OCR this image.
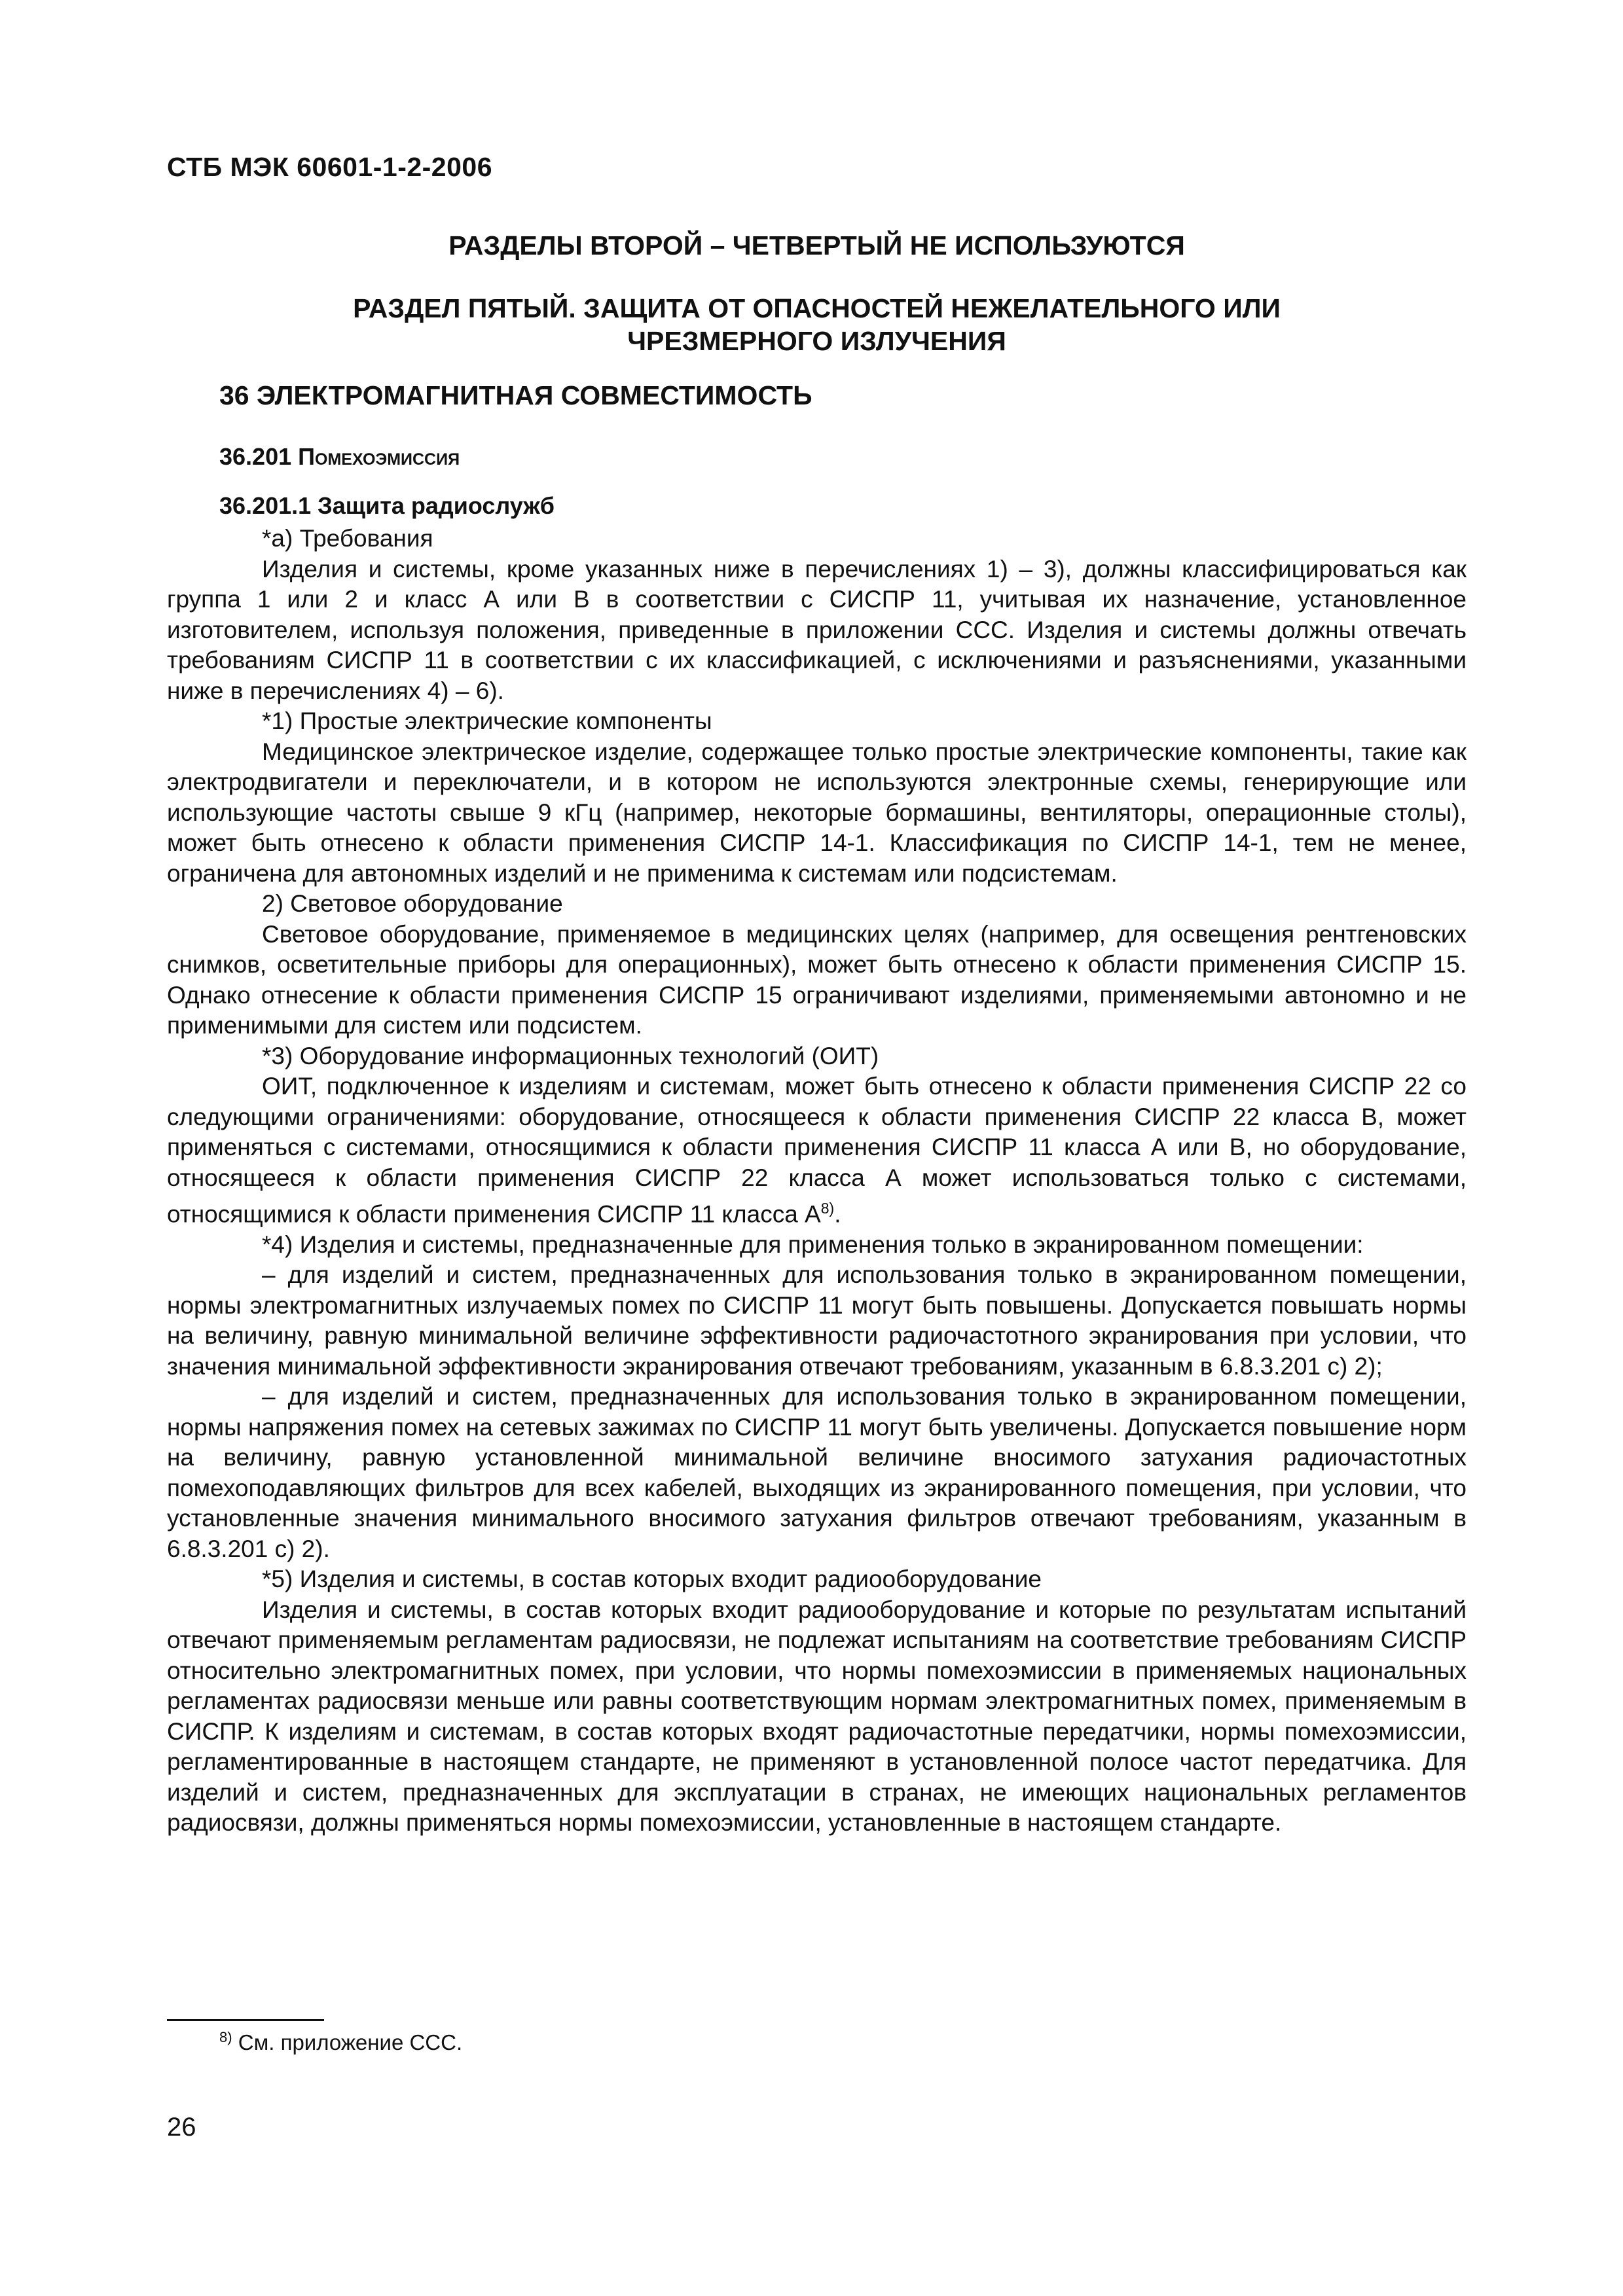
СТБ МЭК 60601-1-2-2006
РАЗДЕЛЫ ВТОРОЙ – ЧЕТВЕРТЫЙ НЕ ИСПОЛЬЗУЮТСЯ
РАЗДЕЛ ПЯТЫЙ. ЗАЩИТА ОТ ОПАСНОСТЕЙ НЕЖЕЛАТЕЛЬНОГО ИЛИ ЧРЕЗМЕРНОГО ИЗЛУЧЕНИЯ
36 ЭЛЕКТРОМАГНИТНАЯ СОВМЕСТИМОСТЬ
36.201 Помехоэмиссия
36.201.1 Защита радиослужб

*а) Требования

Изделия и системы, кроме указанных ниже в перечислениях 1) – 3), должны классифицироваться как группа 1 или 2 и класс А или В в соответствии с СИСПР 11, учитывая их назначение, установленное изготовителем, используя положения, приведенные в приложении ССС. Изделия и системы должны отвечать требованиям СИСПР 11 в соответствии с их классификацией, с исключениями и разъяснениями, указанными ниже в перечислениях 4) – 6).

*1) Простые электрические компоненты

Медицинское электрическое изделие, содержащее только простые электрические компоненты, такие как электродвигатели и переключатели, и в котором не используются электронные схемы, генерирующие или использующие частоты свыше 9 кГц (например, некоторые бормашины, вентиляторы, операционные столы), может быть отнесено к области применения СИСПР 14-1. Классификация по СИСПР 14-1, тем не менее, ограничена для автономных изделий и не применима к системам или подсистемам.

2) Световое оборудование

Световое оборудование, применяемое в медицинских целях (например, для освещения рентгеновских снимков, осветительные приборы для операционных), может быть отнесено к области применения СИСПР 15. Однако отнесение к области применения СИСПР 15 ограничивают изделиями, применяемыми автономно и не применимыми для систем или подсистем.

*3) Оборудование информационных технологий (ОИТ)

ОИТ, подключенное к изделиям и системам, может быть отнесено к области применения СИСПР 22 со следующими ограничениями: оборудование, относящееся к области применения СИСПР 22 класса В, может применяться с системами, относящимися к области применения СИСПР 11 класса А или В, но оборудование, относящееся к области применения СИСПР 22 класса А может использоваться только с системами, относящимися к области применения СИСПР 11 класса А$^{8)}$.

*4) Изделия и системы, предназначенные для применения только в экранированном помещении:

– для изделий и систем, предназначенных для использования только в экранированном помещении, нормы электромагнитных излучаемых помех по СИСПР 11 могут быть повышены. Допускается повышать нормы на величину, равную минимальной величине эффективности радиочастотного экранирования при условии, что значения минимальной эффективности экранирования отвечают требованиям, указанным в 6.8.3.201 с) 2);

– для изделий и систем, предназначенных для использования только в экранированном помещении, нормы напряжения помех на сетевых зажимах по СИСПР 11 могут быть увеличены. Допускается повышение норм на величину, равную установленной минимальной величине вносимого затухания радиочастотных помехоподавляющих фильтров для всех кабелей, выходящих из экранированного помещения, при условии, что установленные значения минимального вносимого затухания фильтров отвечают требованиям, указанным в 6.8.3.201 с) 2).

*5) Изделия и системы, в состав которых входит радиооборудование

Изделия и системы, в состав которых входит радиооборудование и которые по результатам испытаний отвечают применяемым регламентам радиосвязи, не подлежат испытаниям на соответствие требованиям СИСПР относительно электромагнитных помех, при условии, что нормы помехоэмиссии в применяемых национальных регламентах радиосвязи меньше или равны соответствующим нормам электромагнитных помех, применяемым в СИСПР. К изделиям и системам, в состав которых входят радиочастотные передатчики, нормы помехоэмиссии, регламентированные в настоящем стандарте, не применяют в установленной полосе частот передатчика. Для изделий и систем, предназначенных для эксплуатации в странах, не имеющих национальных регламентов радиосвязи, должны применяться нормы помехоэмиссии, установленные в настоящем стандарте.

$^{8)}$ См. приложение ССС.
26
